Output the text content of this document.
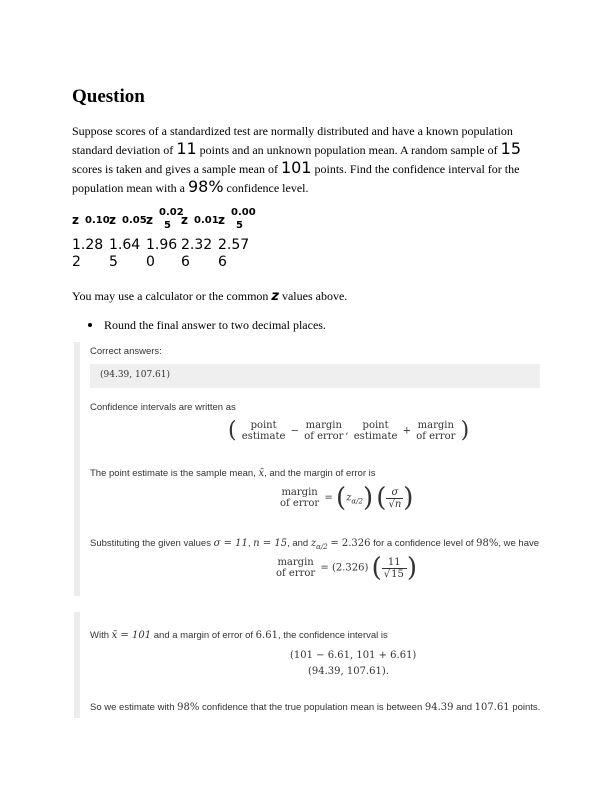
Question
Suppose scores of a standardized test are normally distributed and have a known population standard deviation of 11 points and an unknown population mean. A random sample of 15 scores is taken and gives a sample mean of 101 points. Find the confidence interval for the population mean with a 98% confidence level.
z 0.10
1.28
2
z 0.05
1.64
5
z
0.02
5
1.96
0
z 0.01
2.32
6
z
0.00
5
2.57
6
You may use a calculator or the common z values above.
Round the final answer to two decimal places.
Correct answers:
(94.39, 107.61)
Confidence intervals are written as
(	point
estimate − margin
of error ,	point
estimate + margin
of error )
The point estimate is the sample mean, x̄, and the margin of error is
margin
of error = $(z_{\alpha/2})$ ( $\frac{\sigma}{√n}$ )
Substituting the given values σ = 11, n = 15, and $z_{\alpha/2} = 2.326$ for a confidence level of 98%, we have
margin
of error = (2.326) ( $\frac{11}{√15}$ )
With x̄ = 101 and a margin of error of 6.61, the confidence interval is
(101 − 6.61, 101 + 6.61)
(94.39, 107.61).
So we estimate with 98% confidence that the true population mean is between 94.39 and 107.61 points.
